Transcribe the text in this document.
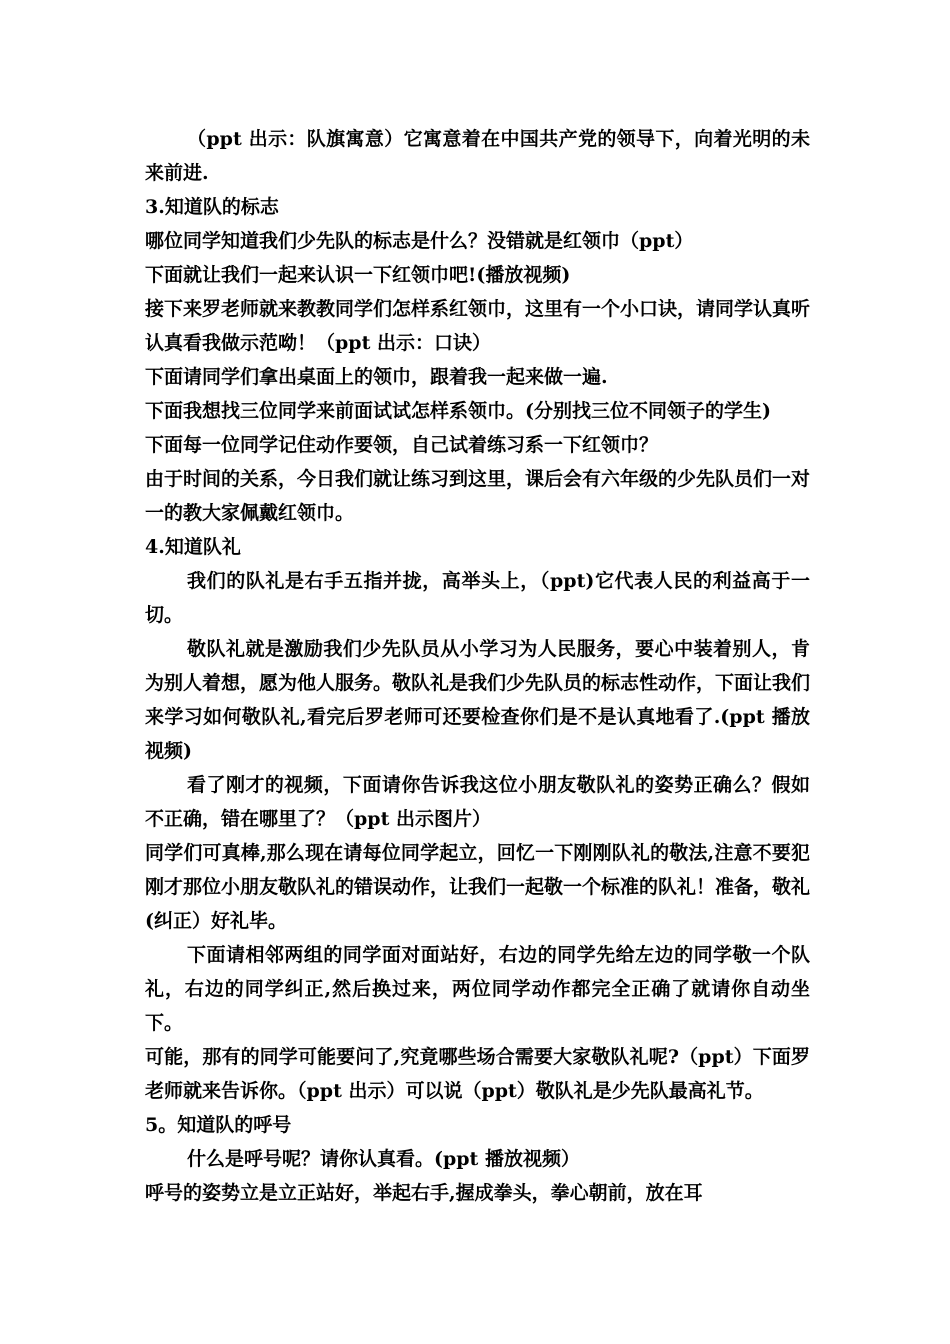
（ppt 出示：队旗寓意）它寓意着在中国共产党的领导下，向着光明的未来前进.

3.知道队的标志

哪位同学知道我们少先队的标志是什么？没错就是红领巾（ppt）

下面就让我们一起来认识一下红领巾吧!(播放视频)

接下来罗老师就来教教同学们怎样系红领巾，这里有一个小口诀，请同学认真听认真看我做示范呦！（ppt 出示：口诀）

下面请同学们拿出桌面上的领巾，跟着我一起来做一遍.

下面我想找三位同学来前面试试怎样系领巾。(分别找三位不同领子的学生)

下面每一位同学记住动作要领，自己试着练习系一下红领巾？

由于时间的关系，今日我们就让练习到这里，课后会有六年级的少先队员们一对一的教大家佩戴红领巾。

4.知道队礼

我们的队礼是右手五指并拢，高举头上，（ppt)它代表人民的利益高于一切。

敬队礼就是激励我们少先队员从小学习为人民服务，要心中装着别人，肯为别人着想，愿为他人服务。敬队礼是我们少先队员的标志性动作，下面让我们来学习如何敬队礼,看完后罗老师可还要检查你们是不是认真地看了.(ppt 播放视频)

看了刚才的视频，下面请你告诉我这位小朋友敬队礼的姿势正确么？假如不正确，错在哪里了？（ppt 出示图片）

同学们可真棒,那么现在请每位同学起立，回忆一下刚刚队礼的敬法,注意不要犯刚才那位小朋友敬队礼的错误动作，让我们一起敬一个标准的队礼！准备，敬礼(纠正）好礼毕。

下面请相邻两组的同学面对面站好，右边的同学先给左边的同学敬一个队礼，右边的同学纠正,然后换过来，两位同学动作都完全正确了就请你自动坐下。

可能，那有的同学可能要问了,究竟哪些场合需要大家敬队礼呢?（ppt）下面罗老师就来告诉你。（ppt 出示）可以说（ppt）敬队礼是少先队最高礼节。

5。知道队的呼号

什么是呼号呢？请你认真看。(ppt 播放视频）

呼号的姿势立是立正站好，举起右手,握成拳头，拳心朝前，放在耳
